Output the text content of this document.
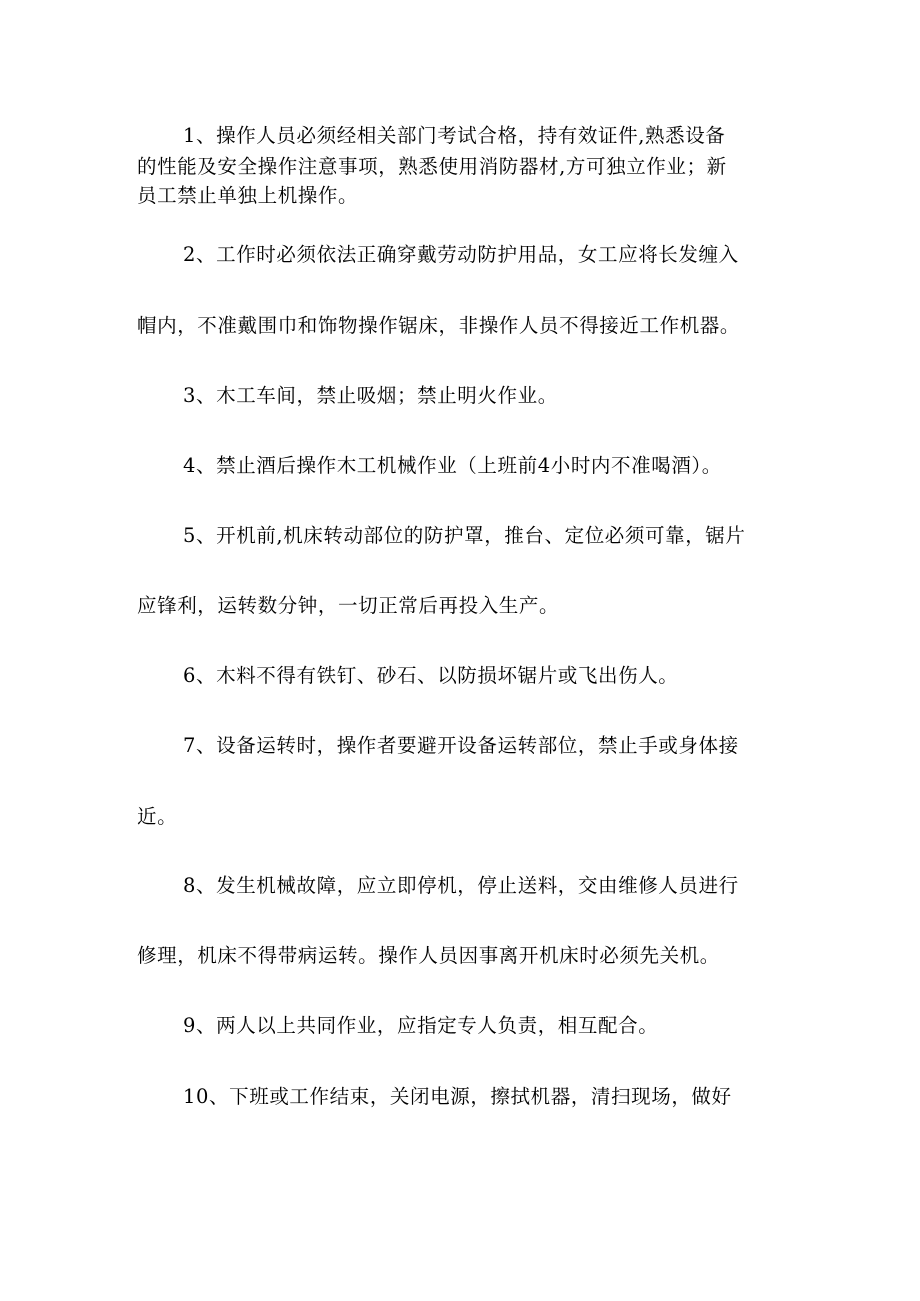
1、操作人员必须经相关部门考试合格，持有效证件,熟悉设备
的性能及安全操作注意事项，熟悉使用消防器材,方可独立作业；新
员工禁止单独上机操作。
2、工作时必须依法正确穿戴劳动防护用品，女工应将长发缠入
帽内，不准戴围巾和饰物操作锯床，非操作人员不得接近工作机器。
3、木工车间，禁止吸烟；禁止明火作业。
4、禁止酒后操作木工机械作业（上班前4小时内不准喝酒）。
5、开机前,机床转动部位的防护罩，推台、定位必须可靠，锯片
应锋利，运转数分钟，一切正常后再投入生产。
6、木料不得有铁钉、砂石、以防损坏锯片或飞出伤人。
7、设备运转时，操作者要避开设备运转部位，禁止手或身体接
近。
8、发生机械故障，应立即停机，停止送料，交由维修人员进行
修理，机床不得带病运转。操作人员因事离开机床时必须先关机。
9、两人以上共同作业，应指定专人负责，相互配合。
10、下班或工作结束，关闭电源，擦拭机器，清扫现场，做好
